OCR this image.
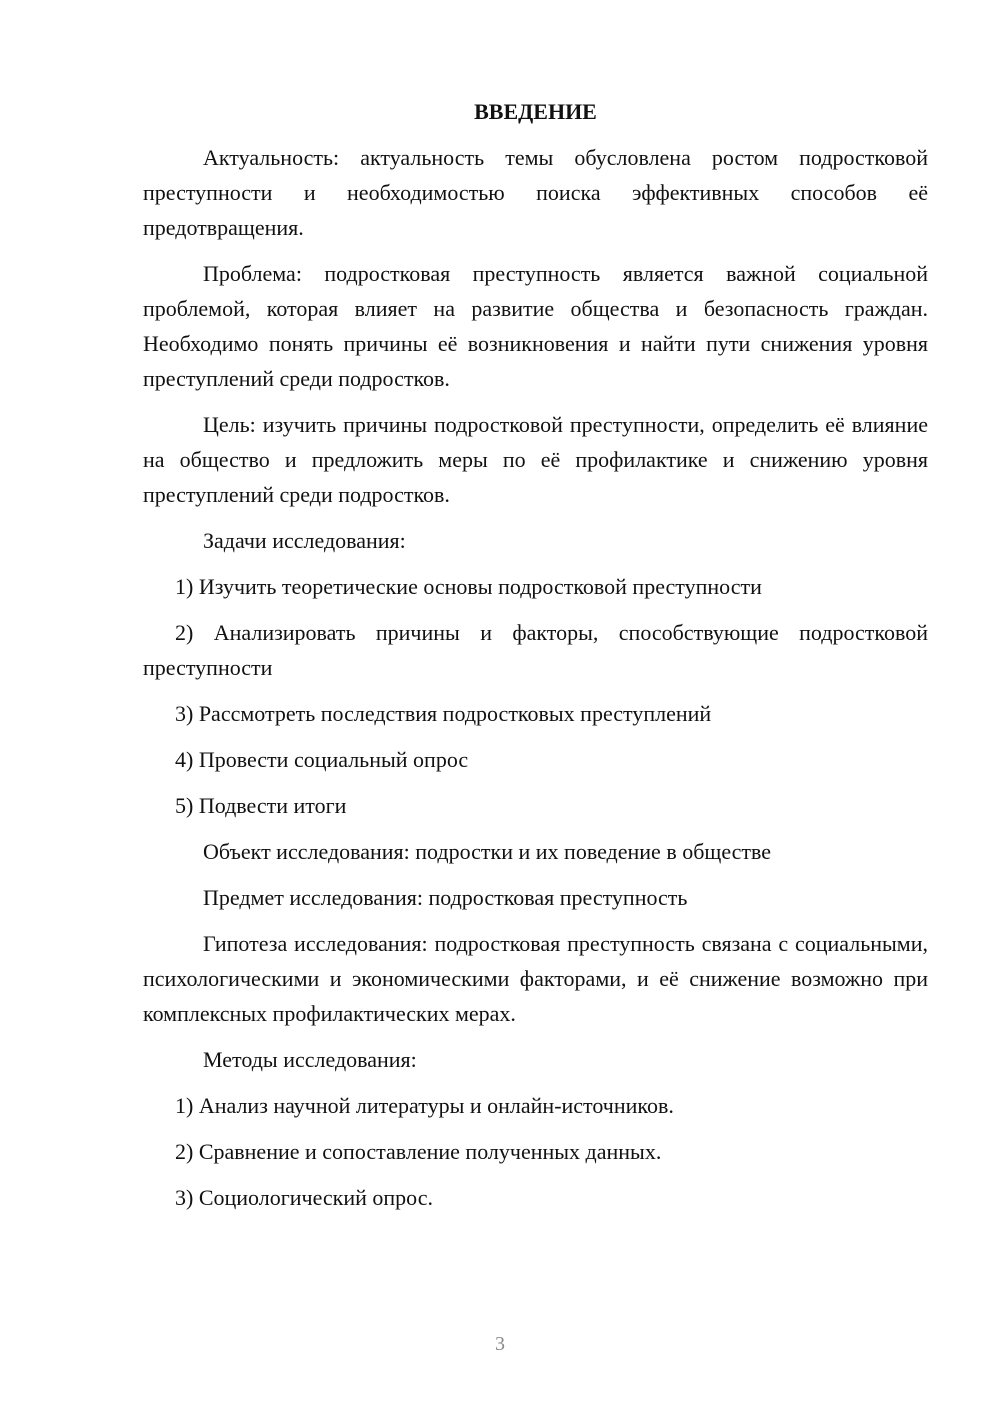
ВВЕДЕНИЕ

Актуальность: актуальность темы обусловлена ростом подростковой преступности и необходимостью поиска эффективных способов её предотвращения.

Проблема: подростковая преступность является важной социальной проблемой, которая влияет на развитие общества и безопасность граждан. Необходимо понять причины её возникновения и найти пути снижения уровня преступлений среди подростков.

Цель: изучить причины подростковой преступности, определить её влияние на общество и предложить меры по её профилактике и снижению уровня преступлений среди подростков.

Задачи исследования:

1) Изучить теоретические основы подростковой преступности

2) Анализировать причины и факторы, способствующие подростковой преступности

3) Рассмотреть последствия подростковых преступлений

4) Провести социальный опрос

5) Подвести итоги

Объект исследования: подростки и их поведение в обществе

Предмет исследования: подростковая преступность

Гипотеза исследования: подростковая преступность связана с социальными, психологическими и экономическими факторами, и её снижение возможно при комплексных профилактических мерах.

Методы исследования:

1) Анализ научной литературы и онлайн-источников.

2) Сравнение и сопоставление полученных данных.

3) Социологический опрос.

3
